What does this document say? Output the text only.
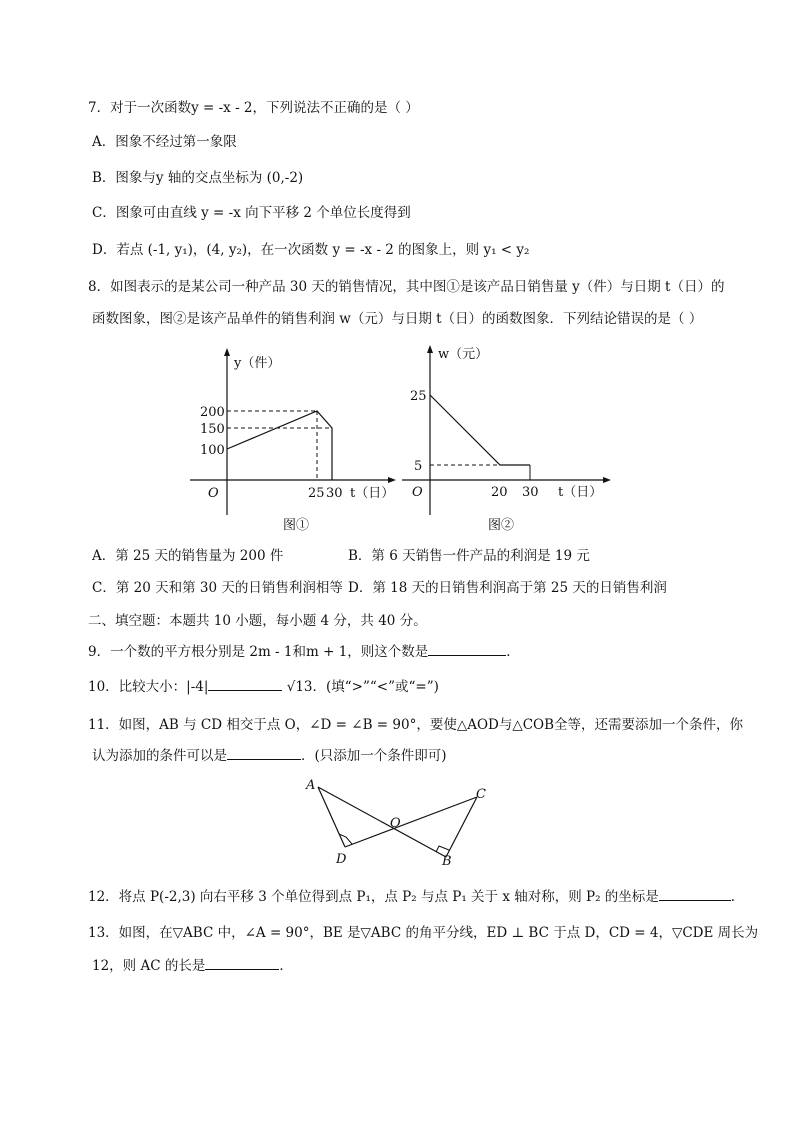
7．对于一次函数y = -x - 2，下列说法不正确的是（ ）
A．图象不经过第一象限
B．图象与y 轴的交点坐标为 (0,-2)
C．图象可由直线 y = -x 向下平移 2 个单位长度得到
D．若点 (-1, y₁)，(4, y₂)，在一次函数 y = -x - 2 的图象上，则 y₁ < y₂
8．如图表示的是某公司一种产品 30 天的销售情况，其中图①是该产品日销售量 y（件）与日期 t（日）的
函数图象，图②是该产品单件的销售利润 w（元）与日期 t（日）的函数图象．下列结论错误的是（ ）
y（件）
200
150
100
O	25 30 t（日）
图①
w（元）
25
5
O	20 30 t（日）
图②
A．第 25 天的销售量为 200 件	B．第 6 天销售一件产品的利润是 19 元
C．第 20 天和第 30 天的日销售利润相等 D．第 18 天的日销售利润高于第 25 天的日销售利润
二、填空题：本题共 10 小题，每小题 4 分，共 40 分。
9．一个数的平方根分别是 2m - 1和m + 1，则这个数是	．
10．比较大小：|-4|	√13．(填“>”“<”或“=”)
11．如图，AB 与 CD 相交于点 O，∠D = ∠B = 90°，要使△AOD与△COB全等，还需要添加一个条件，你
认为添加的条件可以是	．(只添加一个条件即可)
A
C
O
D	B
12．将点 P(-2,3) 向右平移 3 个单位得到点 P₁，点 P₂ 与点 P₁ 关于 x 轴对称，则 P₂ 的坐标是	．
13．如图，在▽ABC 中，∠A = 90°，BE 是▽ABC 的角平分线，ED ⊥ BC 于点 D，CD = 4，▽CDE 周长为
12，则 AC 的长是	．
